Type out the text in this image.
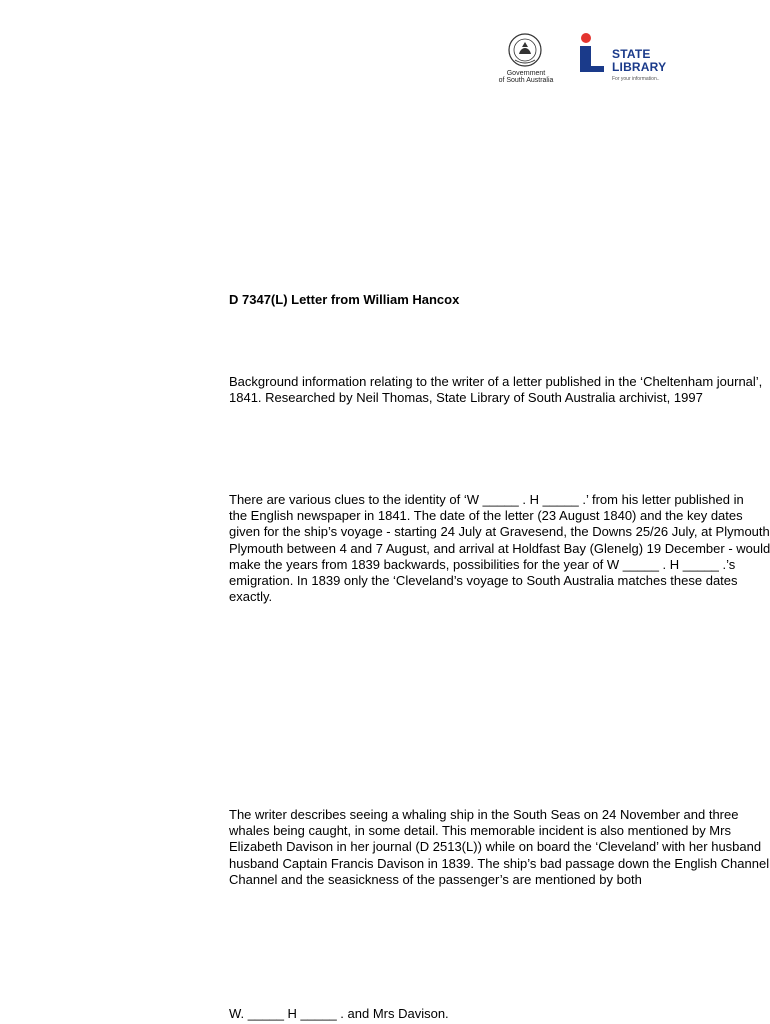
Government
of South Australia
STATE
LIBRARY
For your information..
D 7347(L) Letter from William Hancox

Background information relating to the writer of a letter published in the ‘Cheltenham journal’,
1841. Researched by Neil Thomas, State Library of South Australia archivist, 1997

There are various clues to the identity of ‘W _____ . H _____ .’ from his letter published in
the English newspaper in 1841. The date of the letter (23 August 1840) and the key dates
given for the ship’s voyage - starting 24 July at Gravesend, the Downs 25/26 July, at Plymouth
Plymouth between 4 and 7 August, and arrival at Holdfast Bay (Glenelg) 19 December - would
make the years from 1839 backwards, possibilities for the year of W _____ . H _____ .’s
emigration. In 1839 only the ‘Cleveland’s voyage to South Australia matches these dates
exactly.

The writer describes seeing a whaling ship in the South Seas on 24 November and three
whales being caught, in some detail. This memorable incident is also mentioned by Mrs
Elizabeth Davison in her journal (D 2513(L)) while on board the ‘Cleveland’ with her husband
husband Captain Francis Davison in 1839. The ship’s bad passage down the English Channel
Channel and the seasickness of the passenger’s are mentioned by both

W. _____ H _____ . and Mrs Davison.
